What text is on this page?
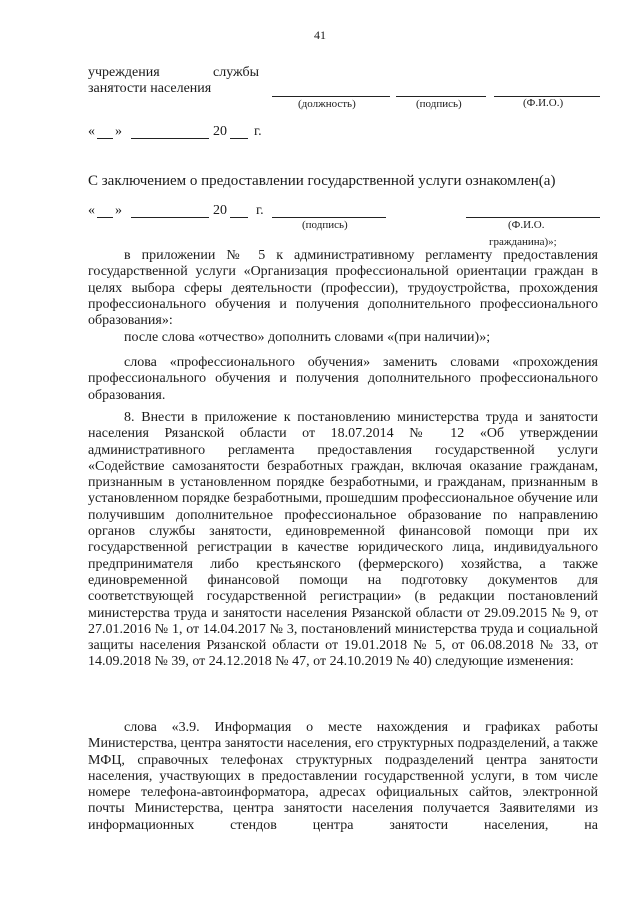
41
учреждения	службы
занятости населения
(должность)	(подпись)	(Ф.И.О.)
« »	20 г.
С заключением о предоставлении государственной услуги ознакомлен(а)
« »	20 г.
(подпись)	(Ф.И.О.
гражданина)»;

в приложении № 5 к административному регламенту предоставления государственной услуги «Организация профессиональной ориентации граждан в целях выбора сферы деятельности (профессии), трудоустройства, прохождения профессионального обучения и получения дополнительного профессионального образования»:

после слова «отчество» дополнить словами «(при наличии)»;

слова «профессионального обучения» заменить словами «прохождения профессионального обучения и получения дополнительного профессионального образования.

8. Внести в приложение к постановлению министерства труда и занятости населения Рязанской области от 18.07.2014 № 12 «Об утверждении административного регламента предоставления государственной услуги «Содействие самозанятости безработных граждан, включая оказание гражданам, признанным в установленном порядке безработными, и гражданам, признанным в установленном порядке безработными, прошедшим профессиональное обучение или получившим дополнительное профессиональное образование по направлению органов службы занятости, единовременной финансовой помощи при их государственной регистрации в качестве юридического лица, индивидуального предпринимателя либо крестьянского (фермерского) хозяйства, а также единовременной финансовой помощи на подготовку документов для соответствующей государственной регистрации» (в редакции постановлений министерства труда и занятости населения Рязанской области от 29.09.2015 № 9, от 27.01.2016 № 1, от 14.04.2017 № 3, постановлений министерства труда и социальной защиты населения Рязанской области от 19.01.2018 № 5, от 06.08.2018 № 33, от 14.09.2018 № 39, от 24.12.2018 № 47, от 24.10.2019 № 40) следующие изменения:

слова «3.9. Информация о месте нахождения и графиках работы Министерства, центра занятости населения, его структурных подразделений, а также МФЦ, справочных телефонах структурных подразделений центра занятости населения, участвующих в предоставлении государственной услуги, в том числе номере телефона-автоинформатора, адресах официальных сайтов, электронной почты Министерства, центра занятости населения получается Заявителями из информационных стендов центра занятости населения, на
